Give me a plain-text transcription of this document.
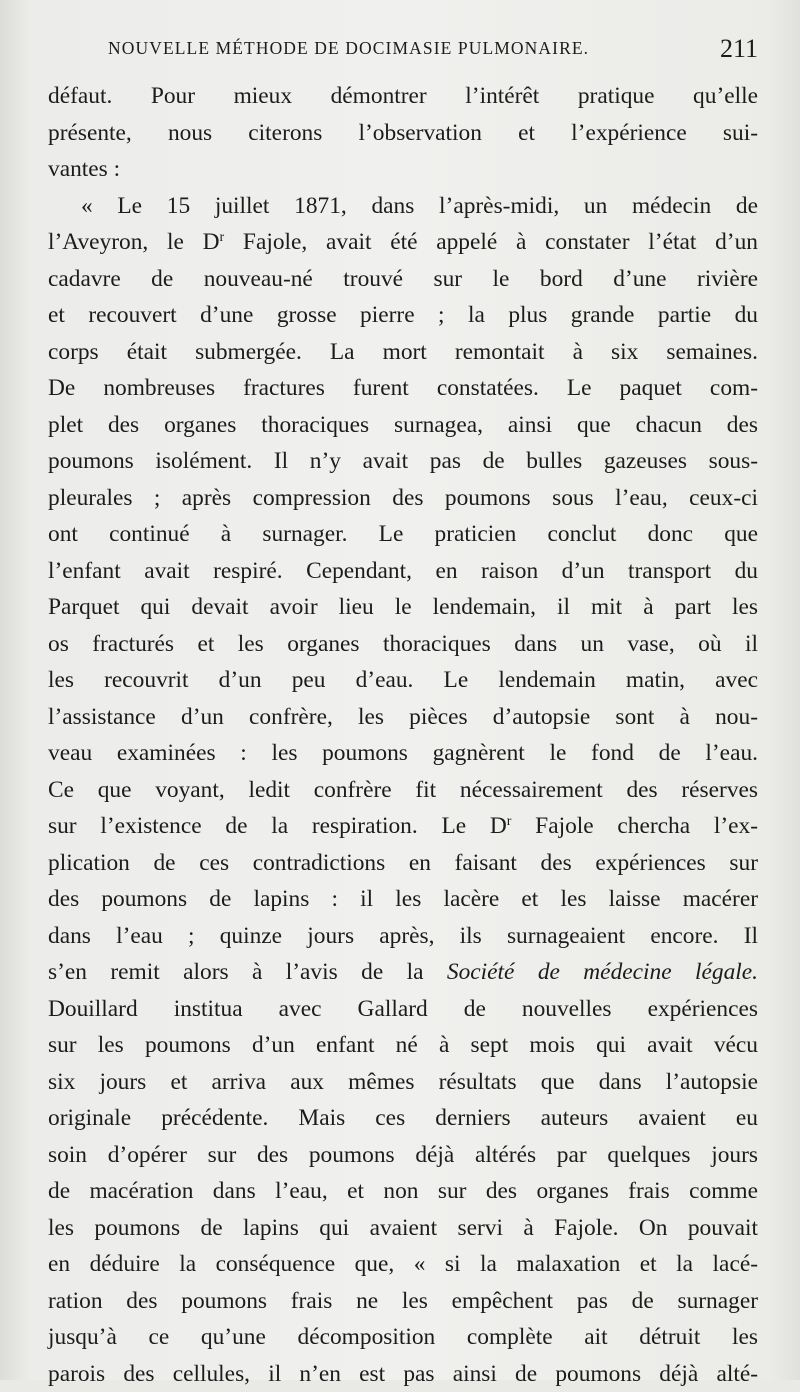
NOUVELLE MÉTHODE DE DOCIMASIE PULMONAIRE.	211
défaut. Pour mieux démontrer l’intérêt pratique qu’elle
présente, nous citerons l’observation et l’expérience sui-
vantes :
« Le 15 juillet 1871, dans l’après-midi, un médecin de
l’Aveyron, le $D^r$ Fajole, avait été appelé à constater l’état d’un
cadavre de nouveau-né trouvé sur le bord d’une rivière
et recouvert d’une grosse pierre ; la plus grande partie du
corps était submergée. La mort remontait à six semaines.
De nombreuses fractures furent constatées. Le paquet com-
plet des organes thoraciques surnagea, ainsi que chacun des
poumons isolément. Il n’y avait pas de bulles gazeuses sous-
pleurales ; après compression des poumons sous l’eau, ceux-ci
ont continué à surnager. Le praticien conclut donc que
l’enfant avait respiré. Cependant, en raison d’un transport du
Parquet qui devait avoir lieu le lendemain, il mit à part les
os fracturés et les organes thoraciques dans un vase, où il
les recouvrit d’un peu d’eau. Le lendemain matin, avec
l’assistance d’un confrère, les pièces d’autopsie sont à nou-
veau examinées : les poumons gagnèrent le fond de l’eau.
Ce que voyant, ledit confrère fit nécessairement des réserves
sur l’existence de la respiration. Le $D^r$ Fajole chercha l’ex-
plication de ces contradictions en faisant des expériences sur
des poumons de lapins : il les lacère et les laisse macérer
dans l’eau ; quinze jours après, ils surnageaient encore. Il
s’en remit alors à l’avis de la Société de médecine légale.
Douillard institua avec Gallard de nouvelles expériences
sur les poumons d’un enfant né à sept mois qui avait vécu
six jours et arriva aux mêmes résultats que dans l’autopsie
originale précédente. Mais ces derniers auteurs avaient eu
soin d’opérer sur des poumons déjà altérés par quelques jours
de macération dans l’eau, et non sur des organes frais comme
les poumons de lapins qui avaient servi à Fajole. On pouvait
en déduire la conséquence que, « si la malaxation et la lacé-
ration des poumons frais ne les empêchent pas de surnager
jusqu’à ce qu’une décomposition complète ait détruit les
parois des cellules, il n’en est pas ainsi de poumons déjà alté-
